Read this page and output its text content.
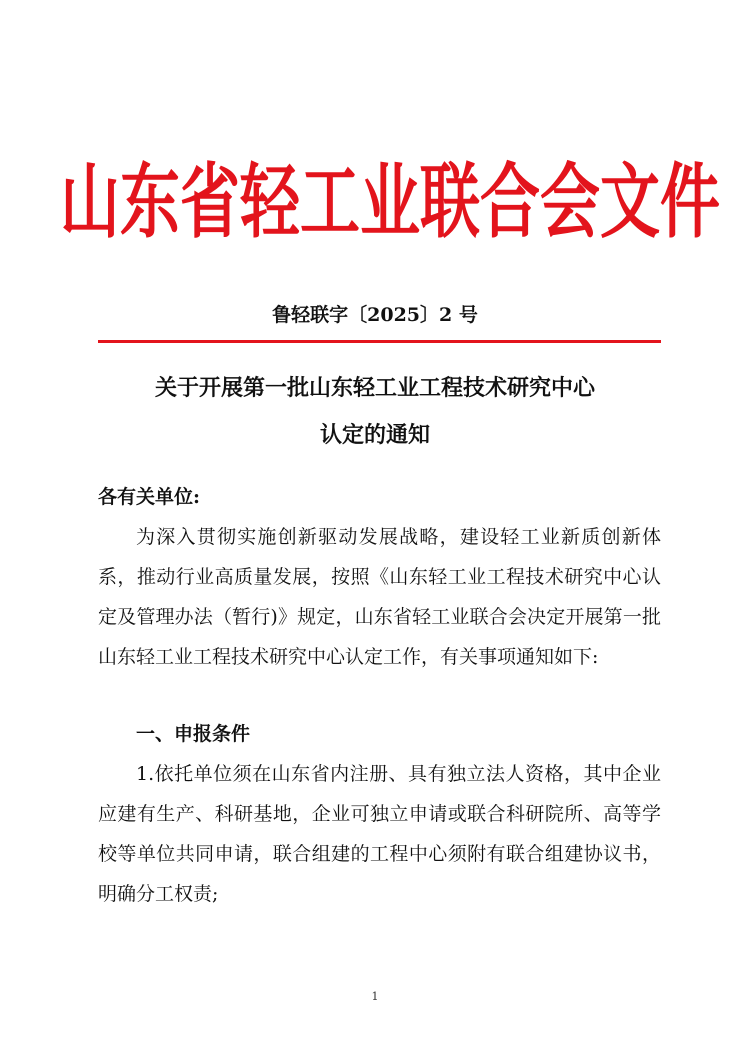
山东省轻工业联合会文件
鲁轻联字〔2025〕2 号
关于开展第一批山东轻工业工程技术研究中心
认定的通知
各有关单位:
为深入贯彻实施创新驱动发展战略，建设轻工业新质创新体系，推动行业高质量发展，按照《山东轻工业工程技术研究中心认定及管理办法（暂行)》规定，山东省轻工业联合会决定开展第一批山东轻工业工程技术研究中心认定工作，有关事项通知如下:
一、申报条件
1.依托单位须在山东省内注册、具有独立法人资格，其中企业应建有生产、科研基地，企业可独立申请或联合科研院所、高等学校等单位共同申请，联合组建的工程中心须附有联合组建协议书，明确分工权责;
1
